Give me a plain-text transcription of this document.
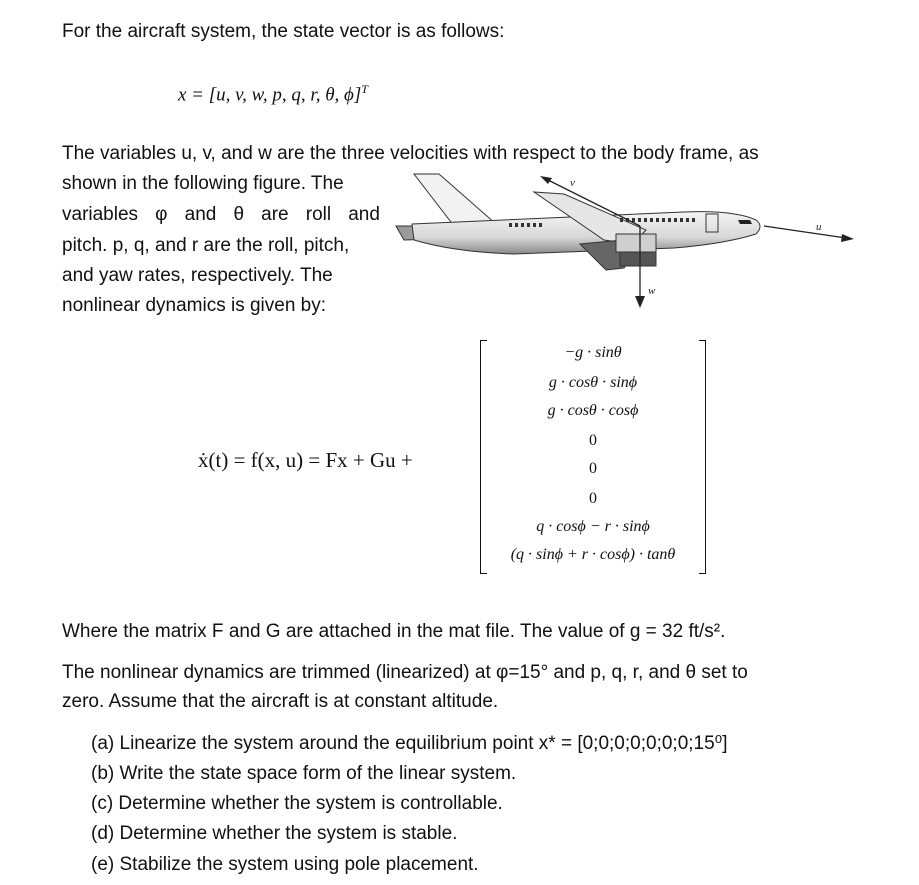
For the aircraft system, the state vector is as follows:
x = [u, v, w, p, q, r, θ, ϕ]$^T$
The variables u, v, and w are the three velocities with respect to the body frame, as
shown in the following figure. The
variables φ and θ are roll and
pitch. p, q, and r are the roll, pitch,
and yaw rates, respectively. The
nonlinear dynamics is given by:
v
u
w
ẋ(t) = f(x, u) = Fx + Gu +
−g · sinθ
g · cosθ · sinϕ
g · cosθ · cosϕ
0
0
0
q · cosϕ − r · sinϕ
(q · sinϕ + r · cosϕ) · tanθ
Where the matrix F and G are attached in the mat file. The value of g = 32 ft/s².
The nonlinear dynamics are trimmed (linearized) at φ=15° and p, q, r, and θ set to
zero. Assume that the aircraft is at constant altitude.
(a) Linearize the system around the equilibrium point x* = [0;0;0;0;0;0;0;15⁰]
(b) Write the state space form of the linear system.
(c) Determine whether the system is controllable.
(d) Determine whether the system is stable.
(e) Stabilize the system using pole placement.
